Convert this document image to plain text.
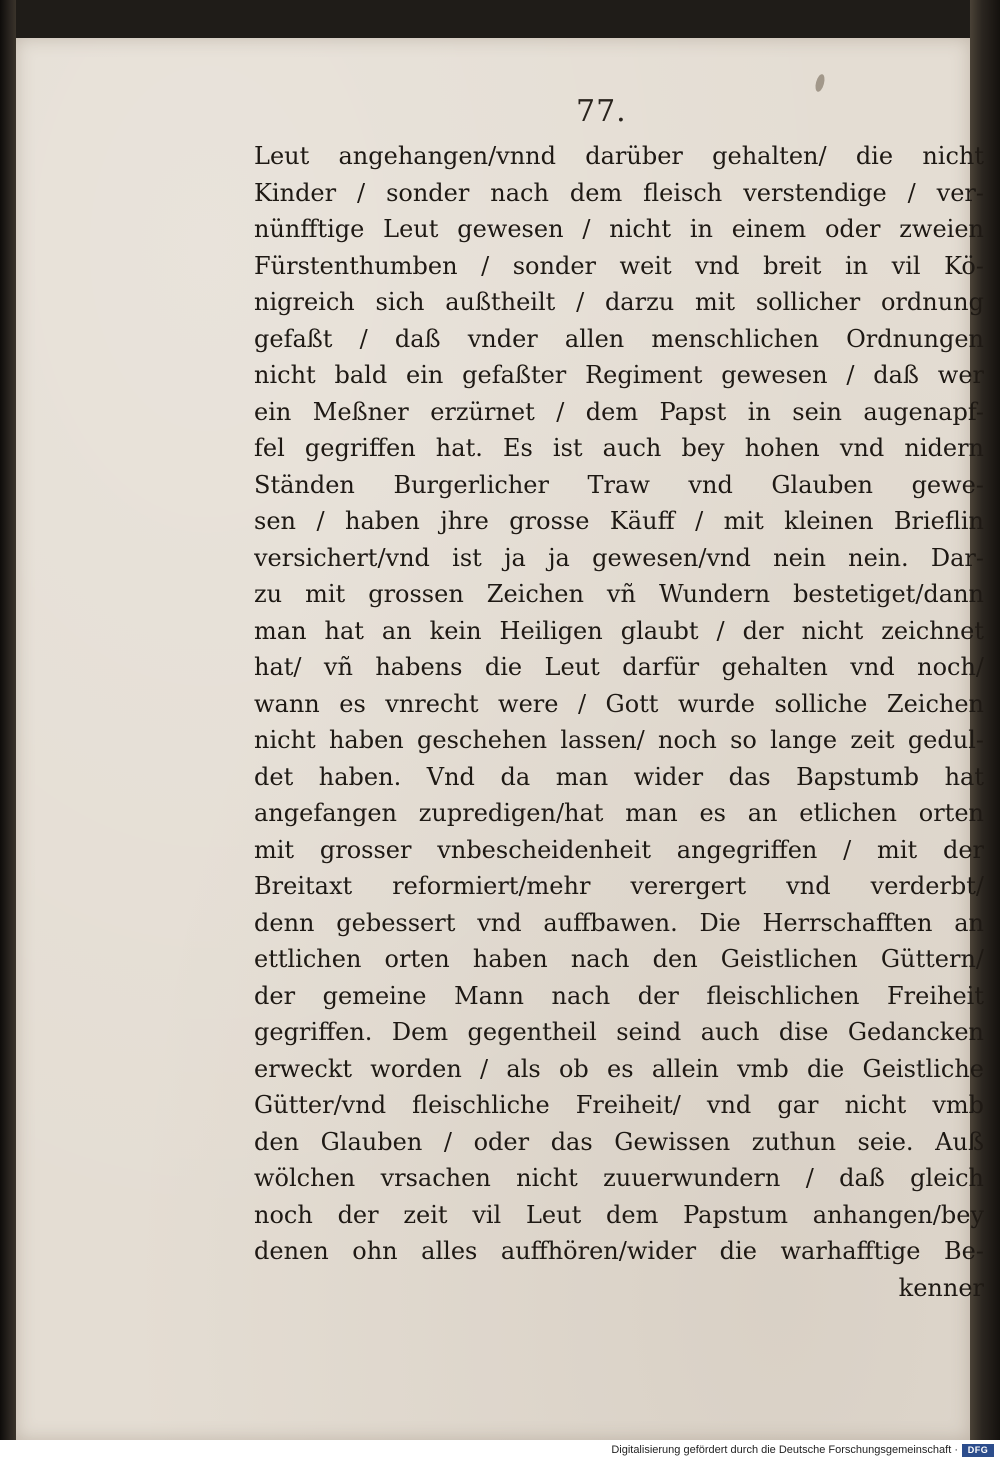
77.
Leut angehangen/vnnd darüber gehalten/ die nicht
Kinder / sonder nach dem fleisch verstendige / ver-
nünfftige Leut gewesen / nicht in einem oder zweien
Fürstenthumben / sonder weit vnd breit in vil Kö-
nigreich sich außtheilt / darzu mit sollicher ordnung
gefaßt / daß vnder allen menschlichen Ordnungen
nicht bald ein gefaßter Regiment gewesen / daß wer
ein Meßner erzürnet / dem Papst in sein augenapf-
fel gegriffen hat. Es ist auch bey hohen vnd nidern
Ständen Burgerlicher Traw vnd Glauben gewe-
sen / haben jhre grosse Käuff / mit kleinen Brieflin
versichert/vnd ist ja ja gewesen/vnd nein nein. Dar-
zu mit grossen Zeichen vñ Wundern bestetiget/dann
man hat an kein Heiligen glaubt / der nicht zeichnet
hat/ vñ habens die Leut darfür gehalten vnd noch/
wann es vnrecht were / Gott wurde solliche Zeichen
nicht haben geschehen lassen/ noch so lange zeit gedul-
det haben. Vnd da man wider das Bapstumb hat
angefangen zupredigen/hat man es an etlichen orten
mit grosser vnbescheidenheit angegriffen / mit der
Breitaxt reformiert/mehr verergert vnd verderbt/
denn gebessert vnd auffbawen. Die Herrschafften an
ettlichen orten haben nach den Geistlichen Güttern/
der gemeine Mann nach der fleischlichen Freiheit
gegriffen. Dem gegentheil seind auch dise Gedancken
erweckt worden / als ob es allein vmb die Geistliche
Gütter/vnd fleischliche Freiheit/ vnd gar nicht vmb
den Glauben / oder das Gewissen zuthun seie. Auß
wölchen vrsachen nicht zuuerwundern / daß gleich
noch der zeit vil Leut dem Papstum anhangen/bey
denen ohn alles auffhören/wider die warhafftige Be-
kenner
Digitalisierung gefördert durch die Deutsche Forschungsgemeinschaft ·	DFG
